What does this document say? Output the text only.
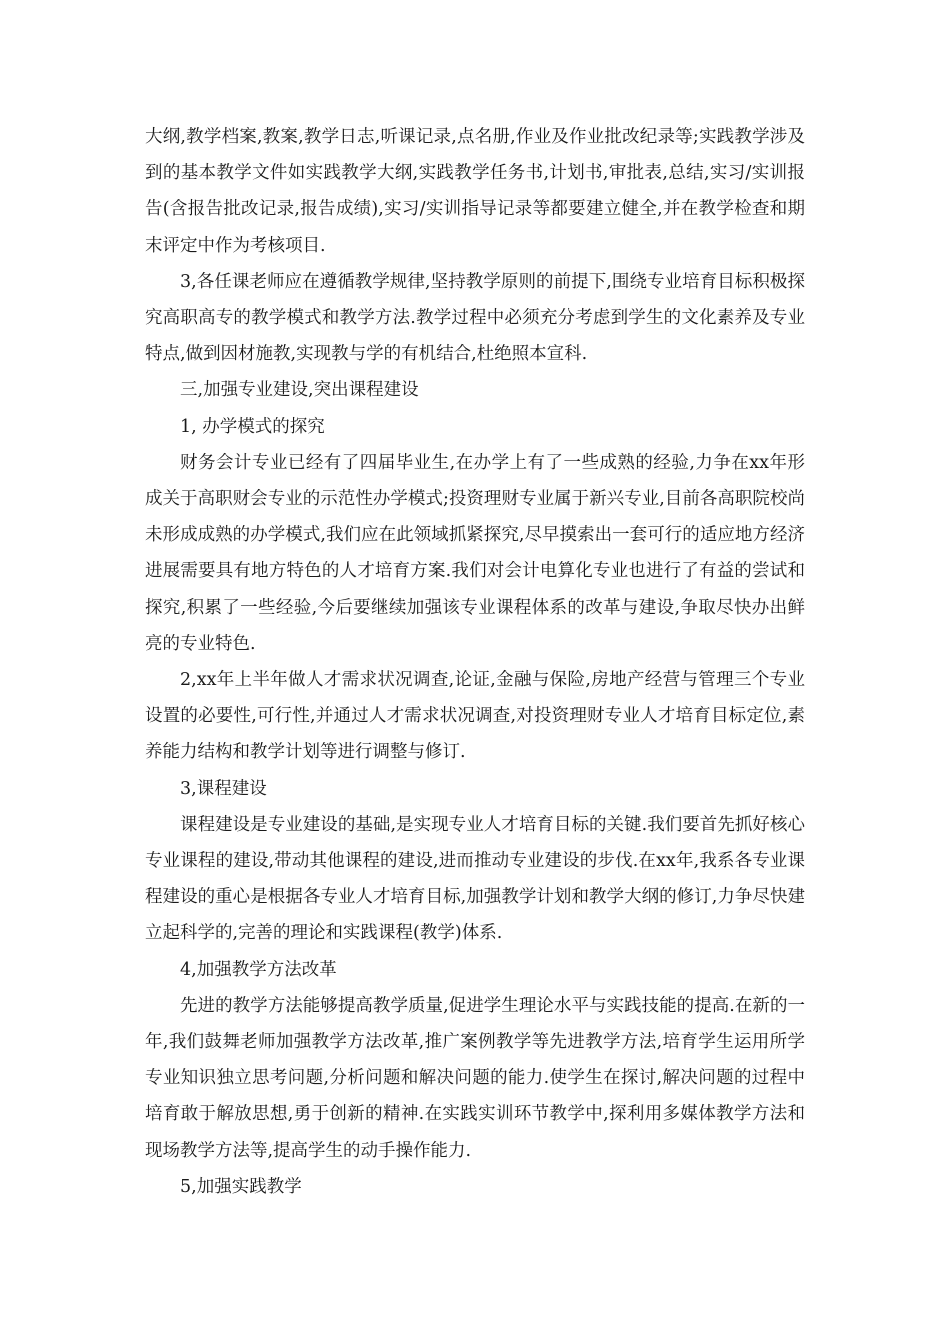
大纲,教学档案,教案,教学日志,听课记录,点名册,作业及作业批改纪录等;实践教学涉及到的基本教学文件如实践教学大纲,实践教学任务书,计划书,审批表,总结,实习/实训报告(含报告批改记录,报告成绩),实习/实训指导记录等都要建立健全,并在教学检查和期末评定中作为考核项目.

3,各任课老师应在遵循教学规律,坚持教学原则的前提下,围绕专业培育目标积极探究高职高专的教学模式和教学方法.教学过程中必须充分考虑到学生的文化素养及专业特点,做到因材施教,实现教与学的有机结合,杜绝照本宣科.

三,加强专业建设,突出课程建设

1, 办学模式的探究

财务会计专业已经有了四届毕业生,在办学上有了一些成熟的经验,力争在xx年形成关于高职财会专业的示范性办学模式;投资理财专业属于新兴专业,目前各高职院校尚未形成成熟的办学模式,我们应在此领域抓紧探究,尽早摸索出一套可行的适应地方经济进展需要具有地方特色的人才培育方案.我们对会计电算化专业也进行了有益的尝试和探究,积累了一些经验,今后要继续加强该专业课程体系的改革与建设,争取尽快办出鲜亮的专业特色.

2,xx年上半年做人才需求状况调查,论证,金融与保险,房地产经营与管理三个专业设置的必要性,可行性,并通过人才需求状况调查,对投资理财专业人才培育目标定位,素养能力结构和教学计划等进行调整与修订.

3,课程建设

课程建设是专业建设的基础,是实现专业人才培育目标的关键.我们要首先抓好核心专业课程的建设,带动其他课程的建设,进而推动专业建设的步伐.在xx年,我系各专业课程建设的重心是根据各专业人才培育目标,加强教学计划和教学大纲的修订,力争尽快建立起科学的,完善的理论和实践课程(教学)体系.

4,加强教学方法改革

先进的教学方法能够提高教学质量,促进学生理论水平与实践技能的提高.在新的一年,我们鼓舞老师加强教学方法改革,推广案例教学等先进教学方法,培育学生运用所学专业知识独立思考问题,分析问题和解决问题的能力.使学生在探讨,解决问题的过程中培育敢于解放思想,勇于创新的精神.在实践实训环节教学中,探利用多媒体教学方法和现场教学方法等,提高学生的动手操作能力.

5,加强实践教学
